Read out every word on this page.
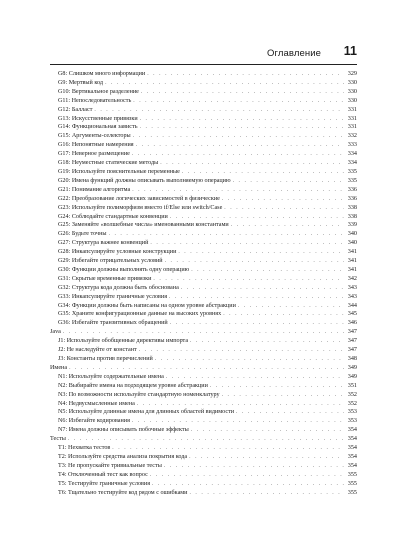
Оглавление 11
G8: Слишком много информации . . .	329
G9: Мертвый код . . .	330
G10: Вертикальное разделение . . .	330
G11: Непоследовательность . . .	330
G12: Балласт . . .	331
G13: Искусственные привязки . . .	331
G14: Функциональная зависть . . .	331
G15: Аргументы-селекторы . . .	332
G16: Непонятные намерения . . .	333
G17: Неверное размещение . . .	334
G18: Неуместные статические методы . . .	334
G19: Используйте пояснительные переменные . . .	335
G20: Имена функций должны описывать выполняемую операцию . . .	335
G21: Понимание алгоритма . . .	336
G22: Преобразование логических зависимостей в физические . . .	336
G23: Используйте полиморфизм вместо if/Else или switch/Case . . .	338
G24: Соблюдайте стандартные конвенции . . .	338
G25: Заменяйте «волшебные числа» именованными константами . . .	339
G26: Будьте точны . . .	340
G27: Структура важнее конвенций . . .	340
G28: Инкапсулируйте условные конструкции . . .	341
G29: Избегайте отрицательных условий . . .	341
G30: Функции должны выполнять одну операцию . . .	341
G31: Скрытые временные привязки . . .	342
G32: Структура кода должна быть обоснована . . .	343
G33: Инкапсулируйте граничные условия . . .	343
G34: Функции должны быть написаны на одном уровне абстракции . . .	344
G35: Храните конфигурационные данные на высоких уровнях . . .	345
G36: Избегайте транзитивных обращений . . .	346
Java . . .	347
J1: Используйте обобщенные директивы импорта . . .	347
J2: Не наследуйте от констант . . .	347
J3: Константы против перечислений . . .	348
Имена . . .	349
N1: Используйте содержательные имена . . .	349
N2: Выбирайте имена на подходящем уровне абстракции . . .	351
N3: По возможности используйте стандартную номенклатуру . . .	352
N4: Недвусмысленные имена . . .	352
N5: Используйте длинные имена для длинных областей видимости . . .	353
N6: Избегайте кодирования . . .	353
N7: Имена должны описывать побочные эффекты . . .	354
Тесты . . .	354
T1: Нехватка тестов . . .	354
T2: Используйте средства анализа покрытия кода . . .	354
T3: Не пропускайте тривиальные тесты . . .	354
T4: Отключенный тест как вопрос . . .	355
T5: Тестируйте граничные условия . . .	355
T6: Тщательно тестируйте код рядом с ошибками . . .	355
